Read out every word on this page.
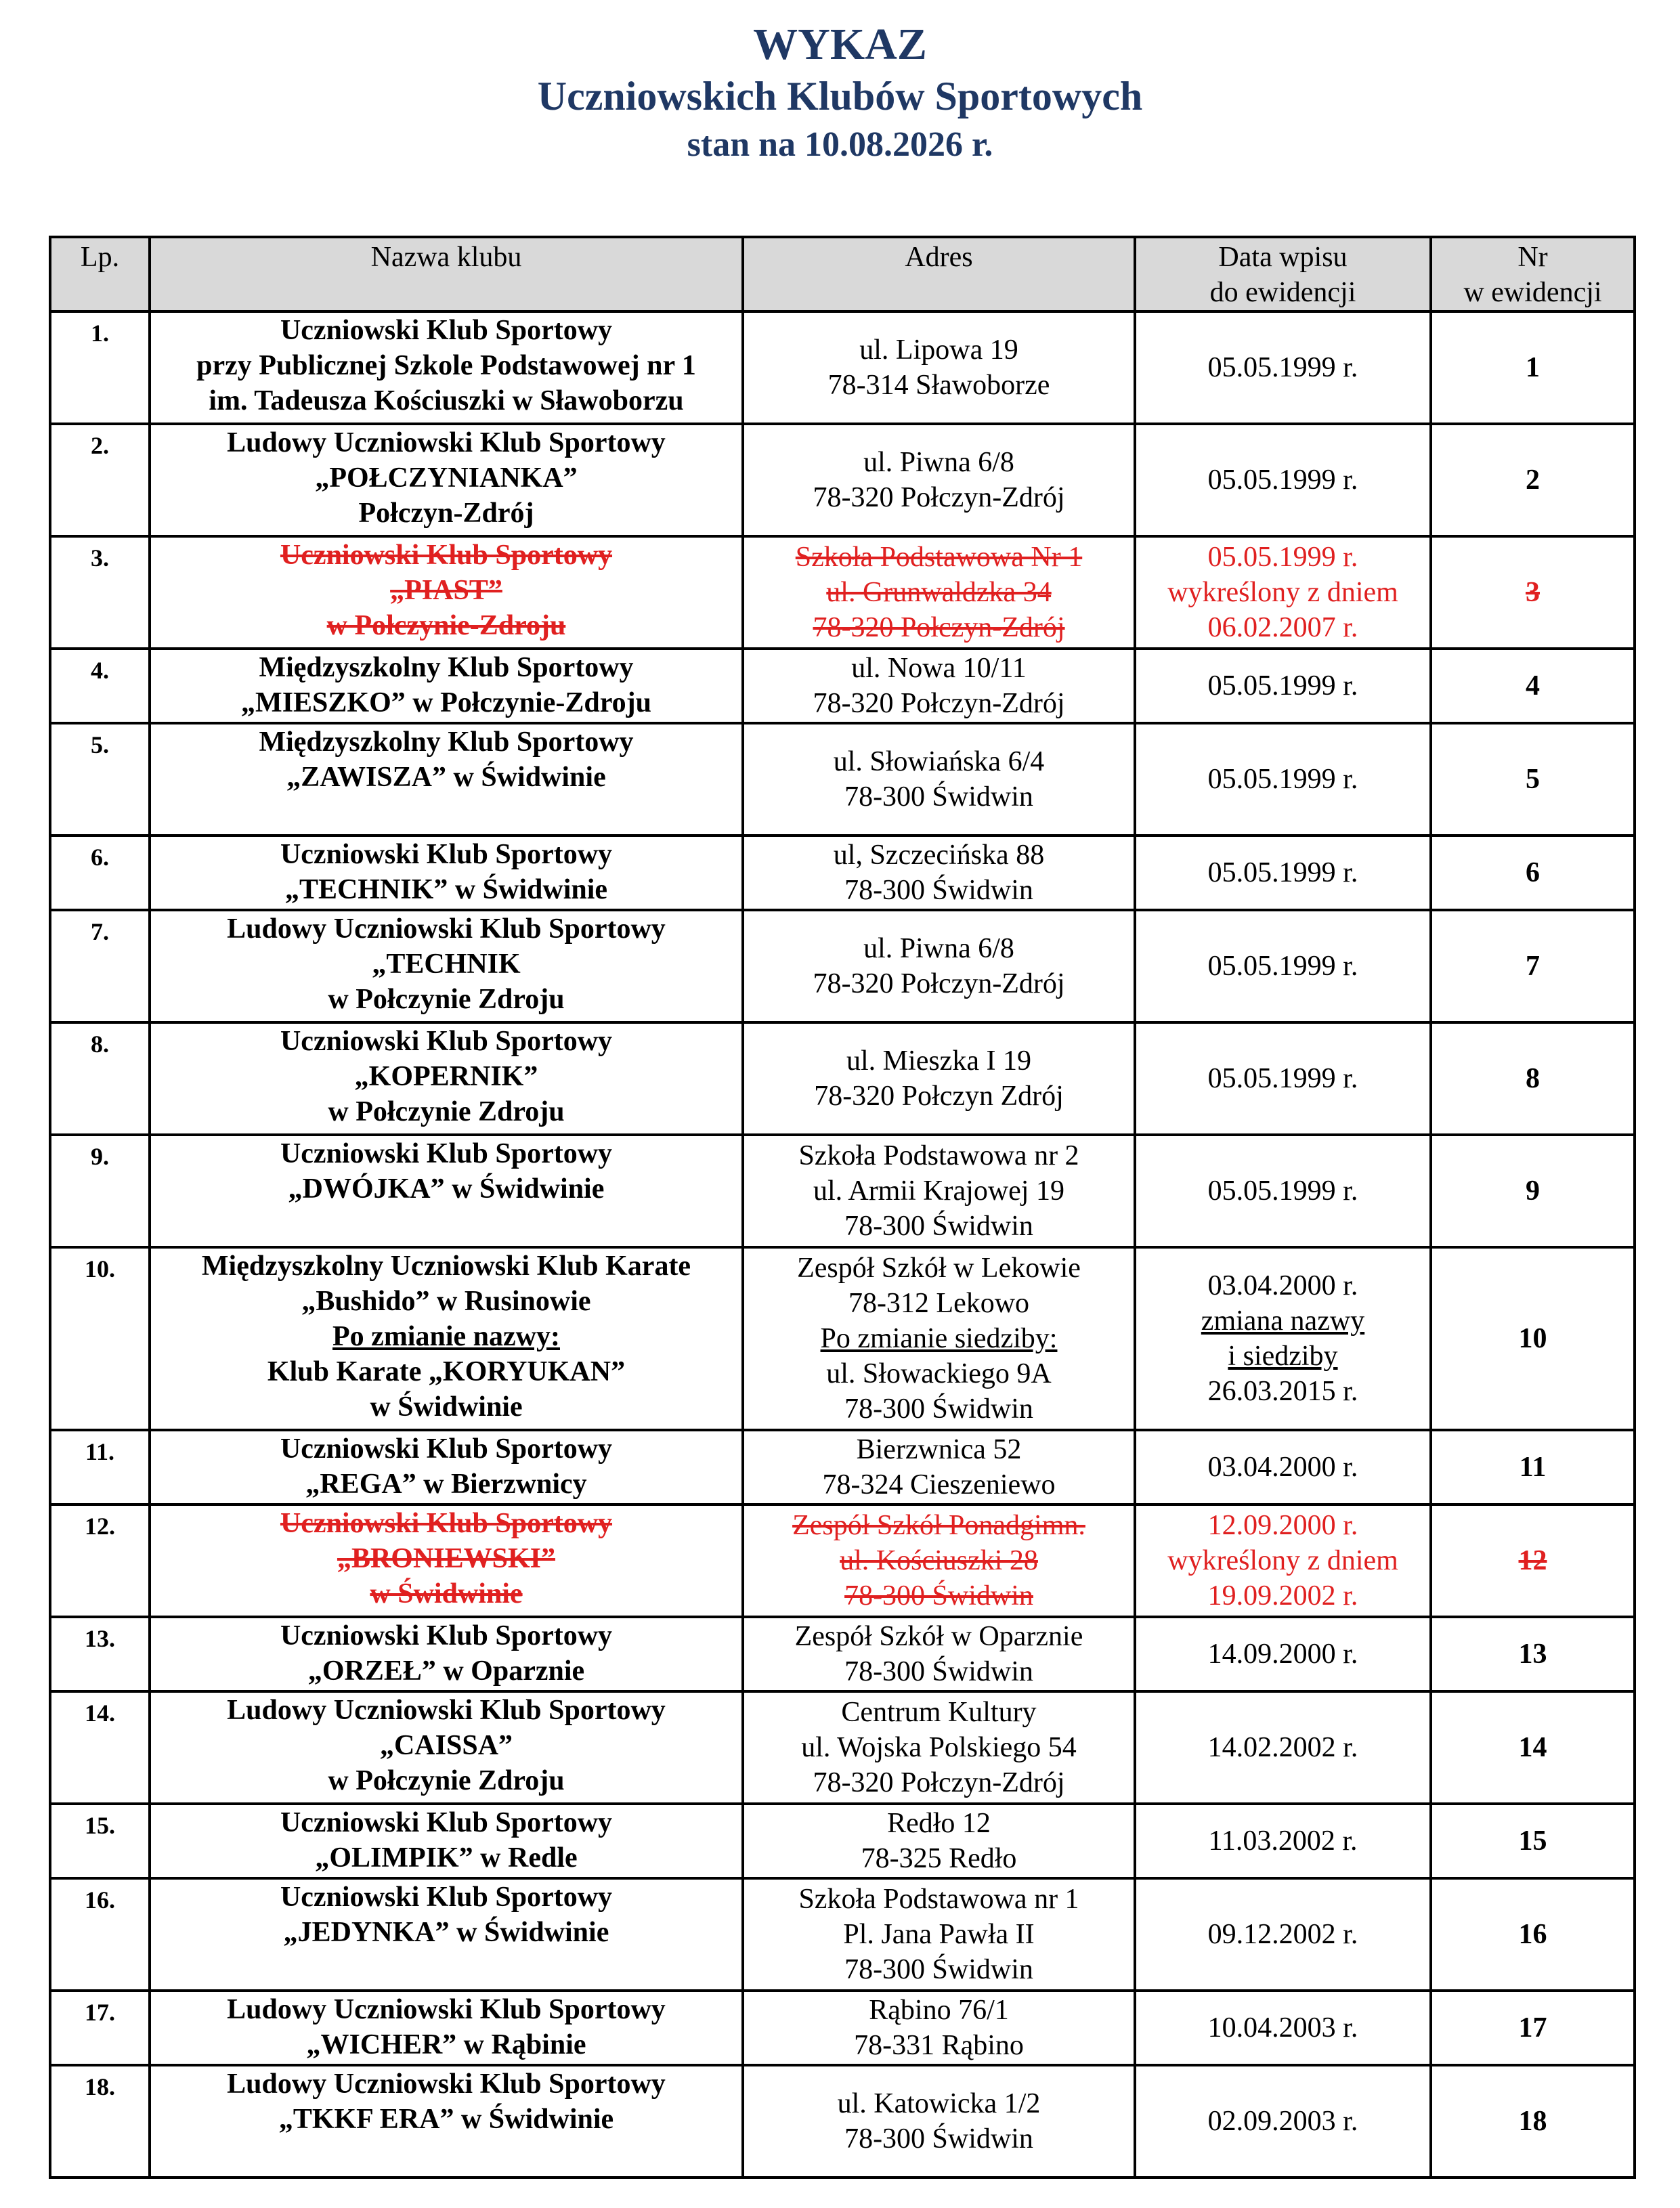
WYKAZ
Uczniowskich Klubów Sportowych
stan na 10.08.2026 r.
Lp.	Nazwa klubu	Adres	Data wpisu
do ewidencji	Nr
w ewidencji

1.	Uczniowski Klub Sportowy
przy Publicznej Szkole Podstawowej nr 1
im. Tadeusza Kościuszki w Sławoborzu	ul. Lipowa 19
78-314 Sławoborze	05.05.1999 r.	1
2.	Ludowy Uczniowski Klub Sportowy
„POŁCZYNIANKA”
Połczyn-Zdrój	ul. Piwna 6/8
78-320 Połczyn-Zdrój	05.05.1999 r.	2
3.	Uczniowski Klub Sportowy
„PIAST”
w Połczynie-Zdroju	Szkoła Podstawowa Nr 1
ul. Grunwaldzka 34
78-320 Połczyn-Zdrój	05.05.1999 r.
wykreślony z dniem
06.02.2007 r.	3
4.	Międzyszkolny Klub Sportowy
„MIESZKO” w Połczynie-Zdroju	ul. Nowa 10/11
78-320 Połczyn-Zdrój	05.05.1999 r.	4
5.	Międzyszkolny Klub Sportowy
„ZAWISZA” w Świdwinie	ul. Słowiańska 6/4
78-300 Świdwin	05.05.1999 r.	5
6.	Uczniowski Klub Sportowy
„TECHNIK” w Świdwinie	ul, Szczecińska 88
78-300 Świdwin	05.05.1999 r.	6
7.	Ludowy Uczniowski Klub Sportowy
„TECHNIK
w Połczynie Zdroju	ul. Piwna 6/8
78-320 Połczyn-Zdrój	05.05.1999 r.	7
8.	Uczniowski Klub Sportowy
„KOPERNIK”
w Połczynie Zdroju	ul. Mieszka I 19
78-320 Połczyn Zdrój	05.05.1999 r.	8
9.	Uczniowski Klub Sportowy
„DWÓJKA” w Świdwinie	Szkoła Podstawowa nr 2
ul. Armii Krajowej 19
78-300 Świdwin	05.05.1999 r.	9
10.	Międzyszkolny Uczniowski Klub Karate
„Bushido” w Rusinowie
Po zmianie nazwy:
Klub Karate „KORYUKAN”
w Świdwinie	Zespół Szkół w Lekowie
78-312 Lekowo
Po zmianie siedziby:
ul. Słowackiego 9A
78-300 Świdwin	03.04.2000 r.
zmiana nazwy
i siedziby
26.03.2015 r.	10
11.	Uczniowski Klub Sportowy
„REGA” w Bierzwnicy	Bierzwnica 52
78-324 Cieszeniewo	03.04.2000 r.	11
12.	Uczniowski Klub Sportowy
„BRONIEWSKI”
w Świdwinie	Zespół Szkół Ponadgimn.
ul. Kościuszki 28
78-300 Świdwin	12.09.2000 r.
wykreślony z dniem
19.09.2002 r.	12
13.	Uczniowski Klub Sportowy
„ORZEŁ” w Oparznie	Zespół Szkół w Oparznie
78-300 Świdwin	14.09.2000 r.	13
14.	Ludowy Uczniowski Klub Sportowy
„CAISSA”
w Połczynie Zdroju	Centrum Kultury
ul. Wojska Polskiego 54
78-320 Połczyn-Zdrój	14.02.2002 r.	14
15.	Uczniowski Klub Sportowy
„OLIMPIK” w Redle	Redło 12
78-325 Redło	11.03.2002 r.	15
16.	Uczniowski Klub Sportowy
„JEDYNKA” w Świdwinie	Szkoła Podstawowa nr 1
Pl. Jana Pawła II
78-300 Świdwin	09.12.2002 r.	16
17.	Ludowy Uczniowski Klub Sportowy
„WICHER” w Rąbinie	Rąbino 76/1
78-331 Rąbino	10.04.2003 r.	17
18.	Ludowy Uczniowski Klub Sportowy
„TKKF ERA” w Świdwinie	ul. Katowicka 1/2
78-300 Świdwin	02.09.2003 r.	18
